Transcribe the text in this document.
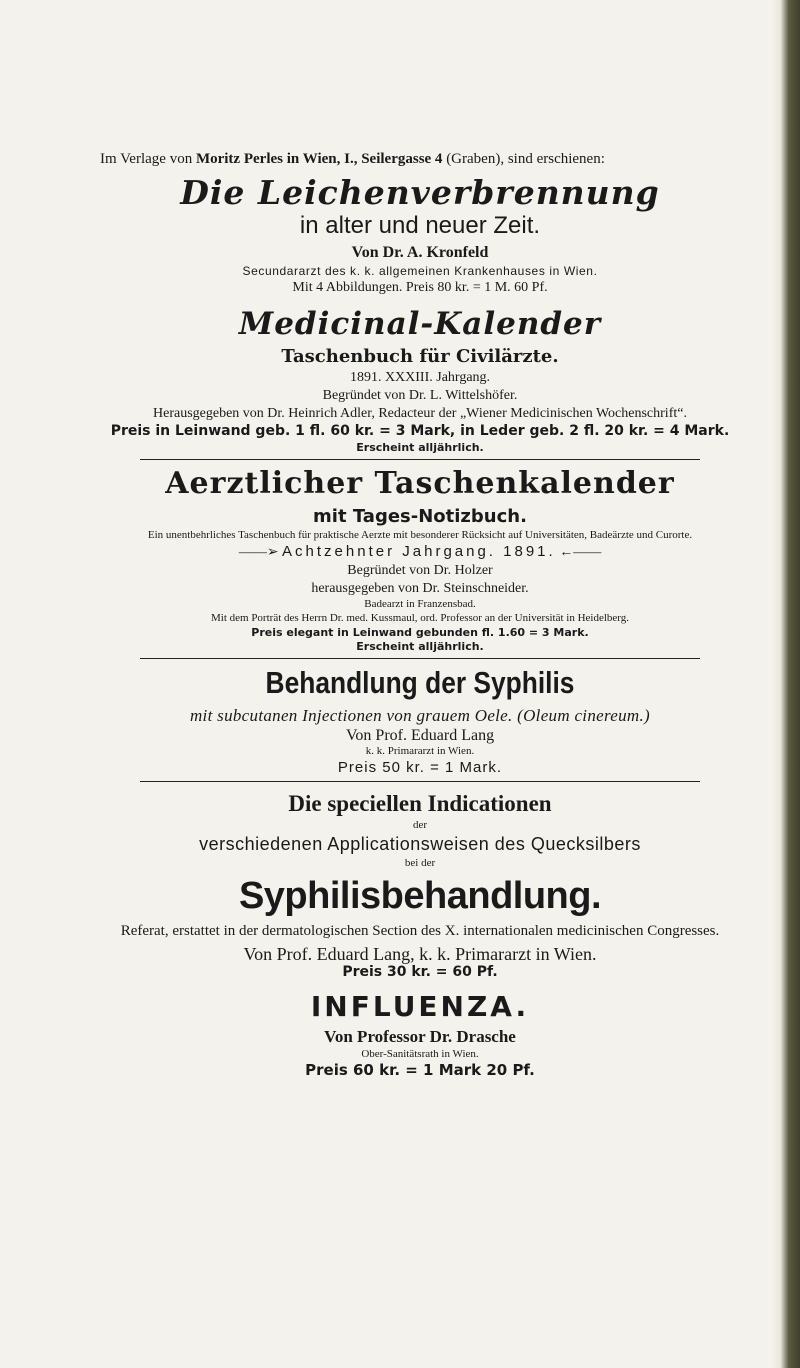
Im Verlage von Moritz Perles in Wien, I., Seilergasse 4 (Graben), sind erschienen:

Die Leichenverbrennung

in alter und neuer Zeit.

Von Dr. A. Kronfeld

Secundararzt des k. k. allgemeinen Krankenhauses in Wien.

Mit 4 Abbildungen. Preis 80 kr. = 1 M. 60 Pf.

Medicinal-Kalender

Taschenbuch für Civilärzte.

1891. XXXIII. Jahrgang.

Begründet von Dr. L. Wittelshöfer.

Herausgegeben von Dr. Heinrich Adler, Redacteur der „Wiener Medicinischen Wochenschrift“.

Preis in Leinwand geb. 1 fl. 60 kr. = 3 Mark, in Leder geb. 2 fl. 20 kr. = 4 Mark.

Erscheint alljährlich.

Aerztlicher Taschenkalender

mit Tages-Notizbuch.

Ein unentbehrliches Taschenbuch für praktische Aerzte mit besonderer Rücksicht auf Universitäten, Badeärzte und Curorte.

——➢ Achtzehnter Jahrgang. 1891. ←——

Begründet von Dr. Holzer

herausgegeben von Dr. Steinschneider.

Badearzt in Franzensbad.

Mit dem Porträt des Herrn Dr. med. Kussmaul, ord. Professor an der Universität in Heidelberg.

Preis elegant in Leinwand gebunden fl. 1.60 = 3 Mark.

Erscheint alljährlich.

Behandlung der Syphilis

mit subcutanen Injectionen von grauem Oele. (Oleum cinereum.)

Von Prof. Eduard Lang

k. k. Primararzt in Wien.

Preis 50 kr. = 1 Mark.

Die speciellen Indicationen

der

verschiedenen Applicationsweisen des Quecksilbers

bei der

Syphilisbehandlung.

Referat, erstattet in der dermatologischen Section des X. internationalen medicinischen Congresses.

Von Prof. Eduard Lang, k. k. Primararzt in Wien.

Preis 30 kr. = 60 Pf.

INFLUENZA.

Von Professor Dr. Drasche

Ober-Sanitätsrath in Wien.

Preis 60 kr. = 1 Mark 20 Pf.
